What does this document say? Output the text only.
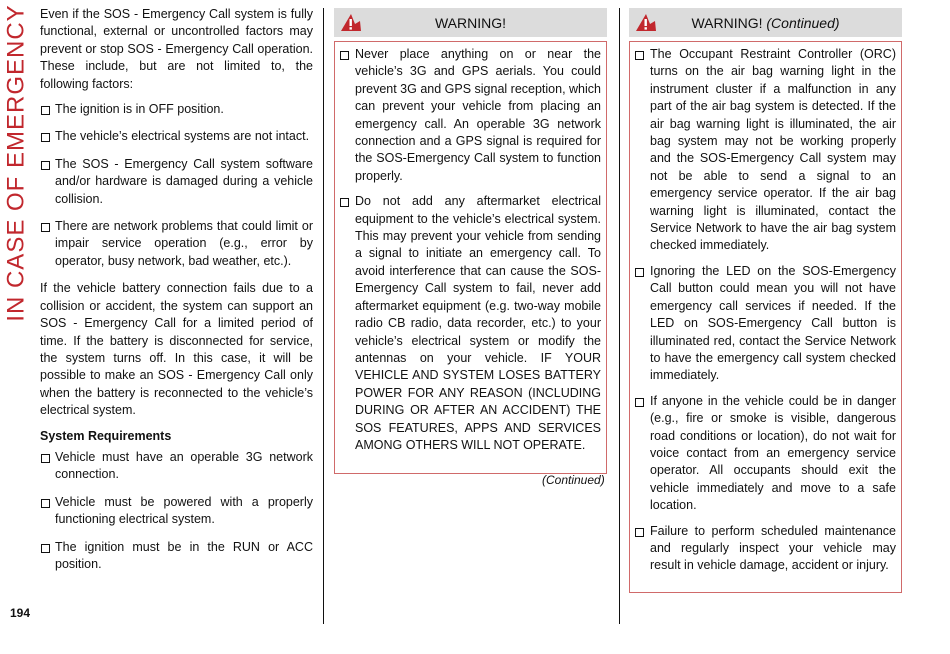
IN CASE OF EMERGENCY
194

Even if the SOS - Emergency Call system is fully functional, external or uncontrolled factors may prevent or stop SOS - Emergency Call operation. These include, but are not limited to, the following factors:

The ignition is in OFF position.
The vehicle’s electrical systems are not intact.
The SOS - Emergency Call system software and/or hardware is damaged during a vehicle collision.
There are network problems that could limit or impair service operation (e.g., error by operator, busy network, bad weather, etc.).

If the vehicle battery connection fails due to a collision or accident, the system can support an SOS - Emergency Call for a limited period of time. If the battery is disconnected for service, the system turns off. In this case, it will be possible to make an SOS - Emergency Call only when the battery is reconnected to the vehicle’s electrical system.

System Requirements
Vehicle must have an operable 3G network connection.
Vehicle must be powered with a properly functioning electrical system.
The ignition must be in the RUN or ACC position.
WARNING!
Never place anything on or near the vehicle’s 3G and GPS aerials. You could prevent 3G and GPS signal reception, which can prevent your vehicle from placing an emergency call. An operable 3G network connection and a GPS signal is required for the SOS-Emergency Call system to function properly.
Do not add any aftermarket electrical equipment to the vehicle’s electrical system. This may prevent your vehicle from sending a signal to initiate an emergency call. To avoid interference that can cause the SOS-Emergency Call system to fail, never add aftermarket equipment (e.g. two-way mobile radio CB radio, data recorder, etc.) to your vehicle’s electrical system or modify the antennas on your vehicle. IF YOUR VEHICLE AND SYSTEM LOSES BATTERY POWER FOR ANY REASON (INCLUDING DURING OR AFTER AN ACCIDENT) THE SOS FEATURES, APPS AND SERVICES AMONG OTHERS WILL NOT OPERATE.
(Continued)
WARNING!
(Continued)
The Occupant Restraint Controller (ORC) turns on the air bag warning light in the instrument cluster if a malfunction in any part of the air bag system is detected. If the air bag warning light is illuminated, the air bag system may not be working properly and the SOS-Emergency Call system may not be able to send a signal to an emergency service operator. If the air bag warning light is illuminated, contact the Service Network to have the air bag system checked immediately.
Ignoring the LED on the SOS-Emergency Call button could mean you will not have emergency call services if needed. If the LED on SOS-Emergency Call button is illuminated red, contact the Service Network to have the emergency call system checked immediately.
If anyone in the vehicle could be in danger (e.g., fire or smoke is visible, dangerous road conditions or location), do not wait for voice contact from an emergency service operator. All occupants should exit the vehicle immediately and move to a safe location.
Failure to perform scheduled maintenance and regularly inspect your vehicle may result in vehicle damage, accident or injury.
